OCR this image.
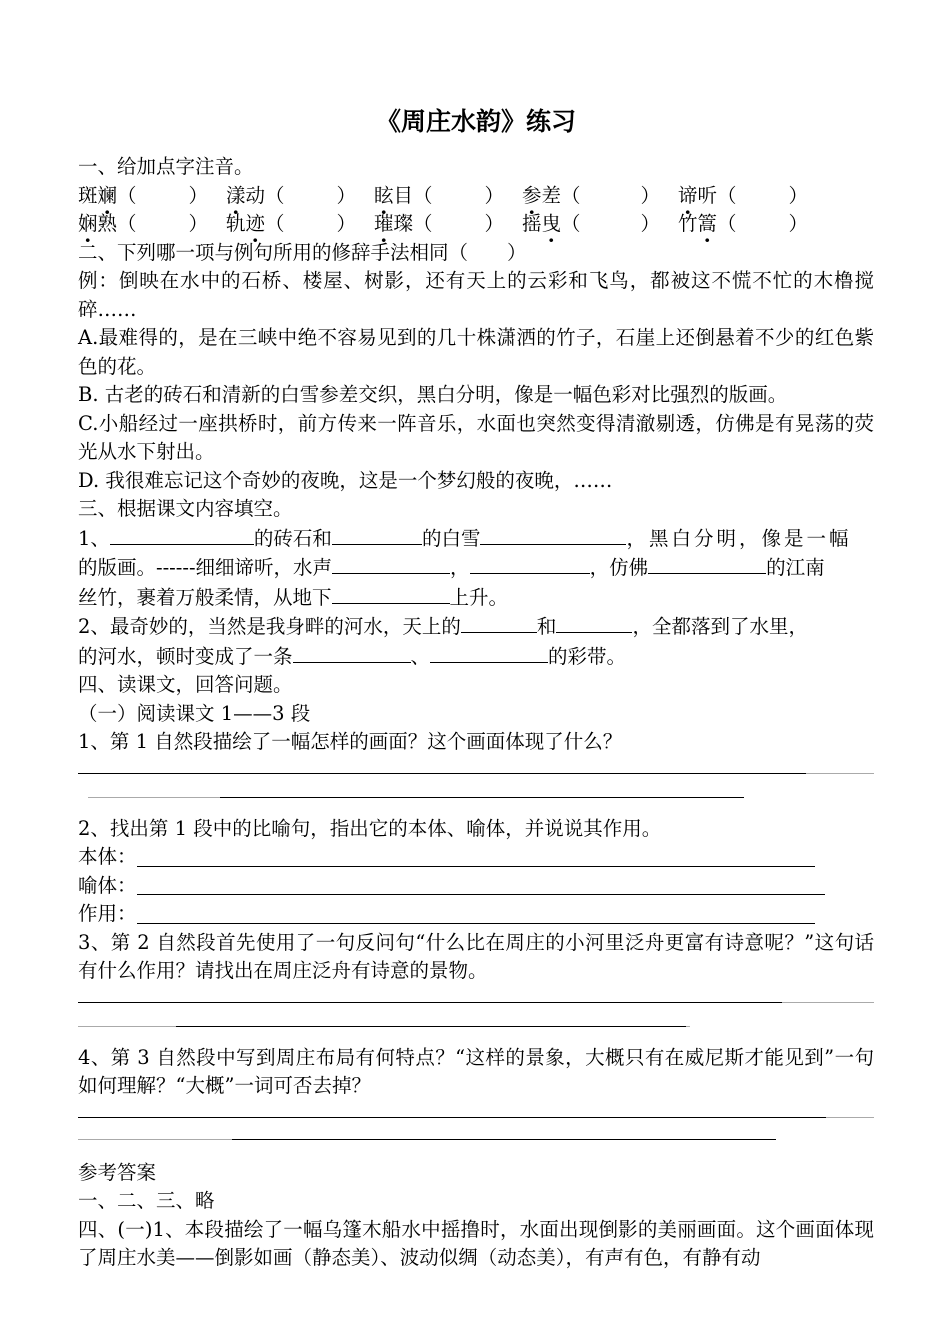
《周庄水韵》练习
一、给加点字注音。
斑斓（	） 漾动（	） 眩目（	） 参差（	） 谛听（	）
娴熟（	） 轨迹（	） 璀璨（	） 摇曳（	） 竹篙（	）
二、下列哪一项与例句所用的修辞手法相同（　　）
例：倒映在水中的石桥、楼屋、树影，还有天上的云彩和飞鸟，都被这不慌不忙的木橹搅碎……
A.最难得的，是在三峡中绝不容易见到的几十株潇洒的竹子，石崖上还倒悬着不少的红色紫色的花。
B. 古老的砖石和清新的白雪参差交织，黑白分明，像是一幅色彩对比强烈的版画。
C.小船经过一座拱桥时，前方传来一阵音乐，水面也突然变得清澈剔透，仿佛是有晃荡的荧光从水下射出。
D. 我很难忘记这个奇妙的夜晚，这是一个梦幻般的夜晚，……
三、根据课文内容填空。
1、	的砖石和	的白雪	，黑白分明，像是一幅
的版画。------细细谛听，水声	，	，仿佛	的江南
丝竹，裹着万般柔情，从地下	上升。
2、最奇妙的，当然是我身畔的河水，天上的	和	，全都落到了水里，
的河水，顿时变成了一条	、	的彩带。
四、读课文，回答问题。
（一）阅读课文 1——3 段
1、第 1 自然段描绘了一幅怎样的画面？这个画面体现了什么？
2、找出第 1 段中的比喻句，指出它的本体、喻体，并说说其作用。
本体：
喻体：
作用：
3、第 2 自然段首先使用了一句反问句“什么比在周庄的小河里泛舟更富有诗意呢？”这句话有什么作用？请找出在周庄泛舟有诗意的景物。
4、第 3 自然段中写到周庄布局有何特点？“这样的景象，大概只有在威尼斯才能见到”一句如何理解？“大概”一词可否去掉？
参考答案
一、二、三、略
四、(一)1、本段描绘了一幅乌篷木船水中摇撸时，水面出现倒影的美丽画面。这个画面体现了周庄水美——倒影如画（静态美）、波动似绸（动态美），有声有色，有静有动
